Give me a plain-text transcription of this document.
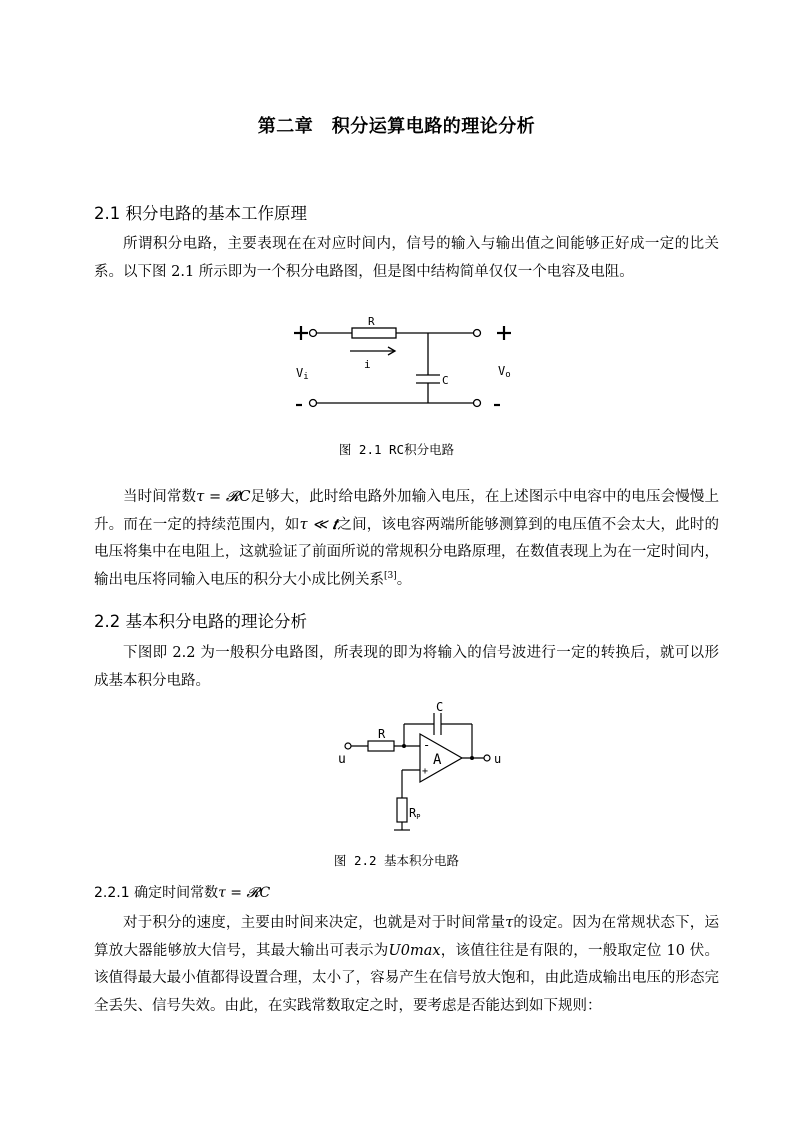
第二章　积分运算电路的理论分析
2.1 积分电路的基本工作原理

所谓积分电路，主要表现在在对应时间内，信号的输入与输出值之间能够正好成一定的比关系。以下图 2.1 所示即为一个积分电路图，但是图中结构简单仅仅一个电容及电阻。

R
i
C
Vi	Vo
图 2.1 RC积分电路

当时间常数τ = 𝓡𝐶足够大，此时给电路外加输入电压，在上述图示中电容中的电压会慢慢上升。而在一定的持续范围内，如τ ≪ 𝒕之间，该电容两端所能够测算到的电压值不会太大，此时的电压将集中在电阻上，这就验证了前面所说的常规积分电路原理，在数值表现上为在一定时间内，输出电压将同输入电压的积分大小成比例关系[3]。

2.2 基本积分电路的理论分析

下图即 2.2 为一般积分电路图，所表现的即为将输入的信号波进行一定的转换后，就可以形成基本积分电路。

C
R
A
-
+
u	u
RP
图 2.2 基本积分电路
2.2.1 确定时间常数τ = 𝓡𝐶

对于积分的速度，主要由时间来决定，也就是对于时间常量τ的设定。因为在常规状态下，运算放大器能够放大信号，其最大输出可表示为𝑈0𝑚𝑎𝑥，该值往往是有限的，一般取定位 10 伏。该值得最大最小值都得设置合理，太小了，容易产生在信号放大饱和，由此造成输出电压的形态完全丢失、信号失效。由此，在实践常数取定之时，要考虑是否能达到如下规则：
